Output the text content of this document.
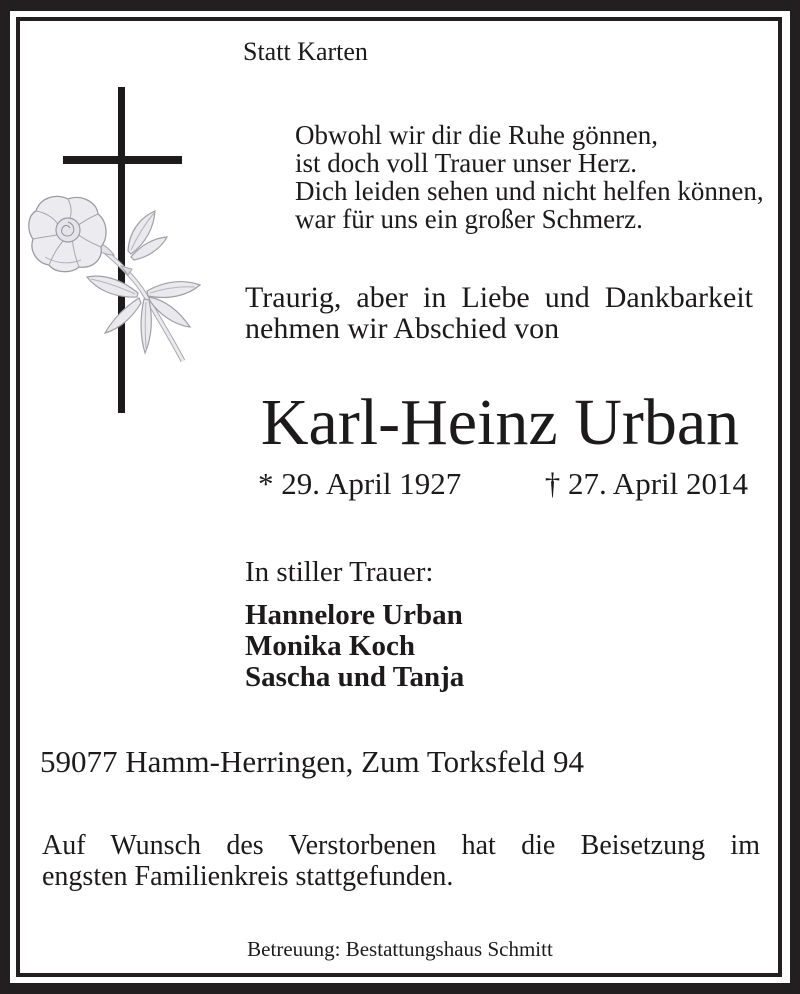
Statt Karten
Obwohl wir dir die Ruhe gönnen,
ist doch voll Trauer unser Herz.
Dich leiden sehen und nicht helfen können,
war für uns ein großer Schmerz.
Traurig, aber in Liebe und Dankbarkeit
nehmen wir Abschied von
Karl-Heinz Urban
* 29. April 1927	† 27. April 2014
In stiller Trauer:
Hannelore Urban
Monika Koch
Sascha und Tanja
59077 Hamm-Herringen, Zum Torksfeld 94
Auf Wunsch des Verstorbenen hat die Beisetzung im
engsten Familienkreis stattgefunden.
Betreuung: Bestattungshaus Schmitt
